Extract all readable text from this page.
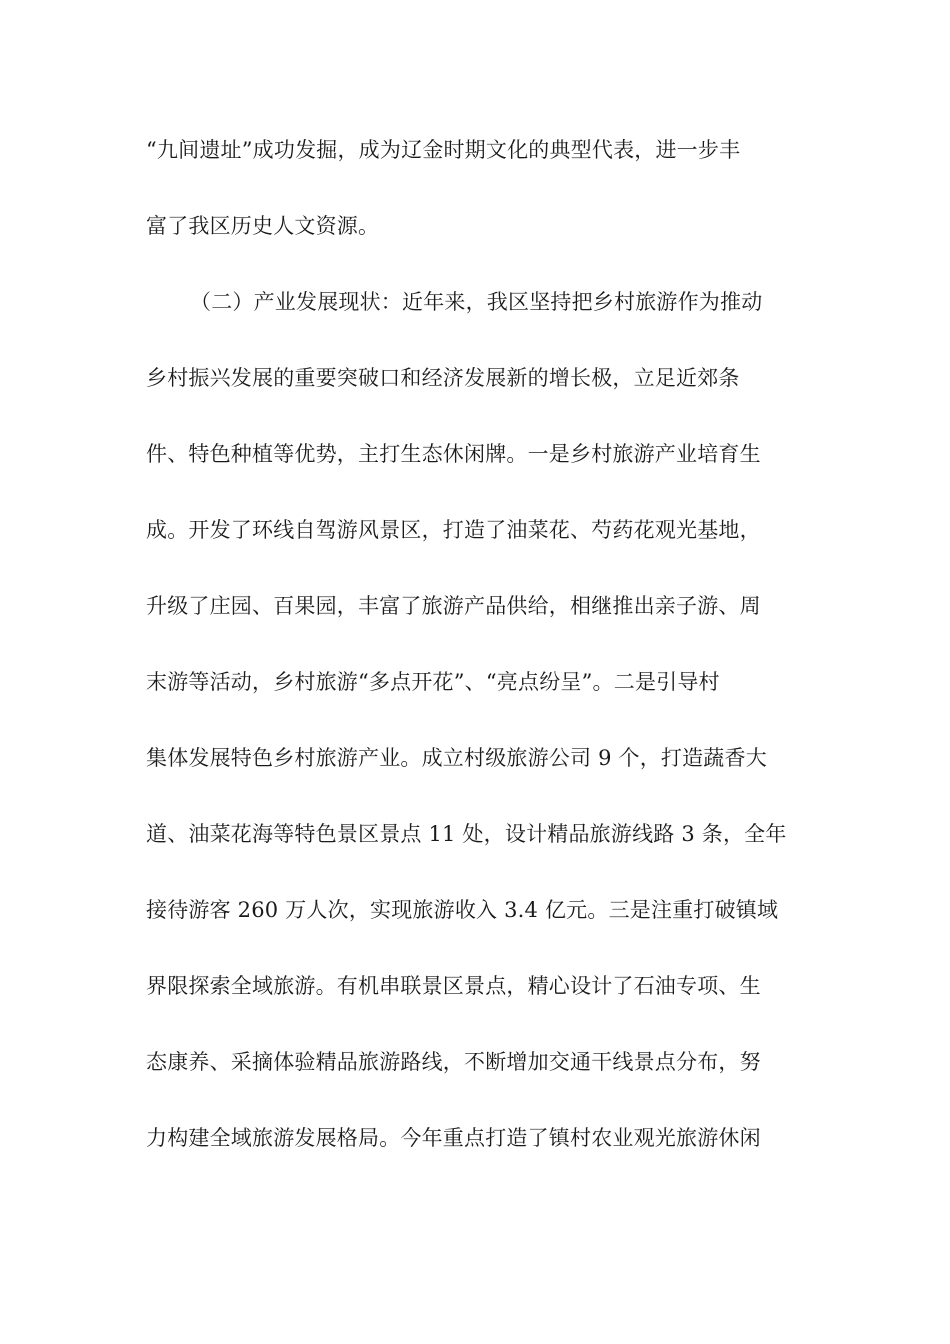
“九间遗址”成功发掘，成为辽金时期文化的典型代表，进一步丰
富了我区历史人文资源。
（二）产业发展现状：近年来，我区坚持把乡村旅游作为推动
乡村振兴发展的重要突破口和经济发展新的增长极，立足近郊条
件、特色种植等优势，主打生态休闲牌。一是乡村旅游产业培育生
成。开发了环线自驾游风景区，打造了油菜花、芍药花观光基地，
升级了庄园、百果园，丰富了旅游产品供给，相继推出亲子游、周
末游等活动，乡村旅游“多点开花”、“亮点纷呈”。二是引导村
集体发展特色乡村旅游产业。成立村级旅游公司 9 个，打造蔬香大
道、油菜花海等特色景区景点 11 处，设计精品旅游线路 3 条，全年
接待游客 260 万人次，实现旅游收入 3.4 亿元。三是注重打破镇域
界限探索全域旅游。有机串联景区景点，精心设计了石油专项、生
态康养、采摘体验精品旅游路线，不断增加交通干线景点分布，努
力构建全域旅游发展格局。今年重点打造了镇村农业观光旅游休闲
